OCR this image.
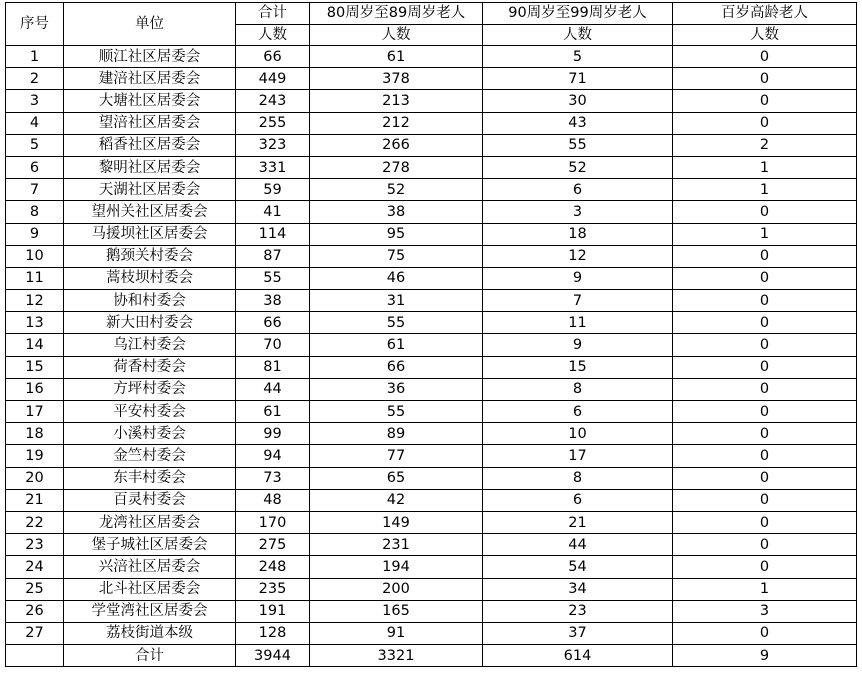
序号	单位	合计	80周岁至89周岁老人	90周岁至99周岁老人	百岁高龄老人
		人数	人数	人数	人数
1	顺江社区居委会	66	61	5	0
2	建涪社区居委会	449	378	71	0
3	大塘社区居委会	243	213	30	0
4	望涪社区居委会	255	212	43	0
5	稻香社区居委会	323	266	55	2
6	黎明社区居委会	331	278	52	1
7	天湖社区居委会	59	52	6	1
8	望州关社区居委会	41	38	3	0
9	马援坝社区居委会	114	95	18	1
10	鹅颈关村委会	87	75	12	0
11	蒿枝坝村委会	55	46	9	0
12	协和村委会	38	31	7	0
13	新大田村委会	66	55	11	0
14	乌江村委会	70	61	9	0
15	荷香村委会	81	66	15	0
16	方坪村委会	44	36	8	0
17	平安村委会	61	55	6	0
18	小溪村委会	99	89	10	0
19	金竺村委会	94	77	17	0
20	东丰村委会	73	65	8	0
21	百灵村委会	48	42	6	0
22	龙湾社区居委会	170	149	21	0
23	堡子城社区居委会	275	231	44	0
24	兴涪社区居委会	248	194	54	0
25	北斗社区居委会	235	200	34	1
26	学堂湾社区居委会	191	165	23	3
27	荔枝街道本级	128	91	37	0
	合计	3944	3321	614	9
